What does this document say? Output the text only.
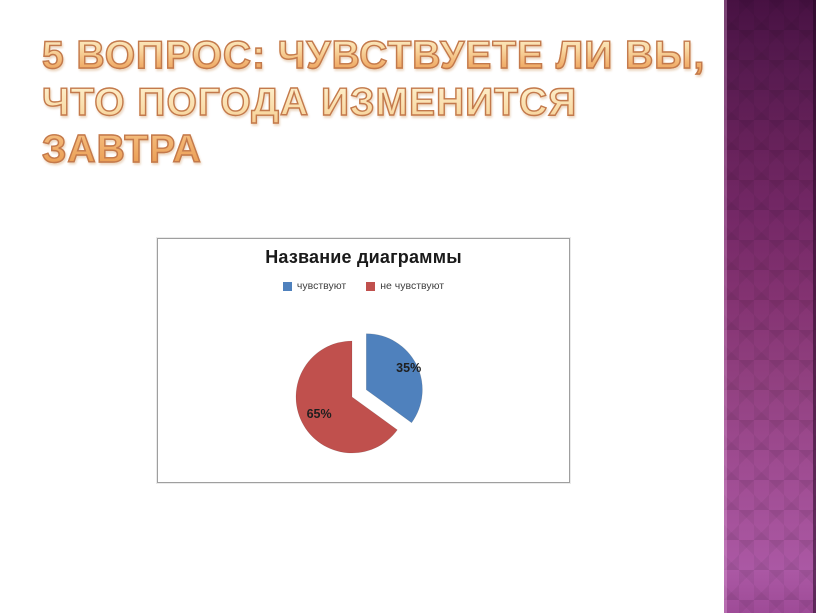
5 ВОПРОС: ЧУВСТВУЕТЕ ЛИ ВЫ,
ЧТО ПОГОДА ИЗМЕНИТСЯ ЗАВТРА
35%
65%
Название диаграммы
чувствуют	не чувствуют
